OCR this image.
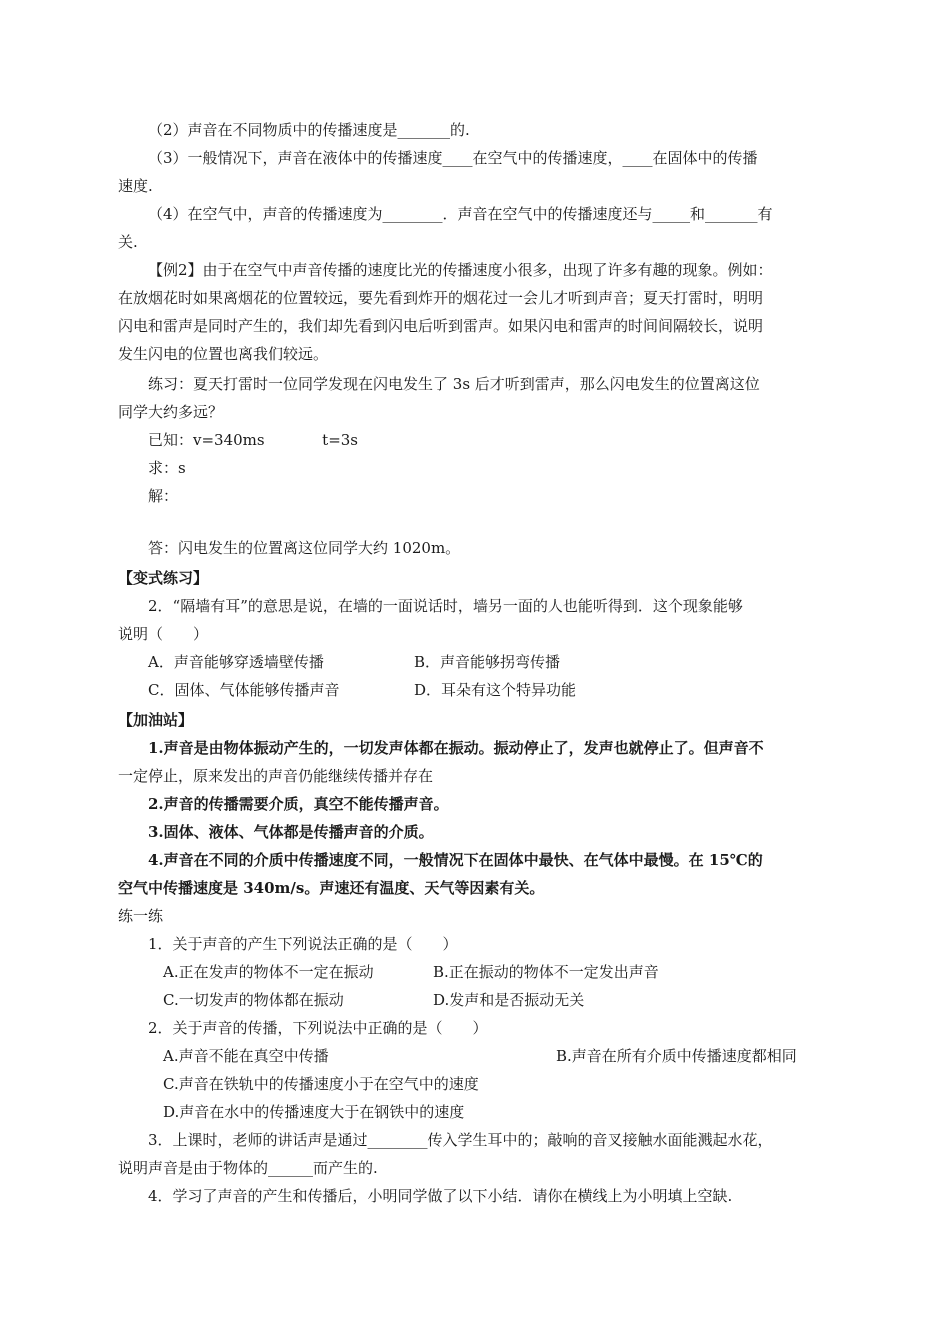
（2）声音在不同物质中的传播速度是_______的.
（3）一般情况下，声音在液体中的传播速度____在空气中的传播速度，____在固体中的传播
速度.
（4）在空气中，声音的传播速度为________．声音在空气中的传播速度还与_____和_______有
关.
【例2】由于在空气中声音传播的速度比光的传播速度小很多，出现了许多有趣的现象。例如：
在放烟花时如果离烟花的位置较远，要先看到炸开的烟花过一会儿才听到声音；夏天打雷时，明明
闪电和雷声是同时产生的，我们却先看到闪电后听到雷声。如果闪电和雷声的时间间隔较长，说明
发生闪电的位置也离我们较远。
练习：夏天打雷时一位同学发现在闪电发生了 3s 后才听到雷声，那么闪电发生的位置离这位
同学大约多远？
已知：v=340ms	t=3s
求：s
解：
答：闪电发生的位置离这位同学大约 1020m。
【变式练习】
2．“隔墙有耳”的意思是说，在墙的一面说话时，墙另一面的人也能听得到．这个现象能够
说明（　　）
A．声音能够穿透墙壁传播	B．声音能够拐弯传播
C．固体、气体能够传播声音	D．耳朵有这个特异功能
【加油站】
1.声音是由物体振动产生的，一切发声体都在振动。振动停止了，发声也就停止了。但声音不
一定停止，原来发出的声音仍能继续传播并存在
2.声音的传播需要介质，真空不能传播声音。
3.固体、液体、气体都是传播声音的介质。
4.声音在不同的介质中传播速度不同，一般情况下在固体中最快、在气体中最慢。在 15℃的
空气中传播速度是 340m/s。声速还有温度、天气等因素有关。
练一练
1．关于声音的产生下列说法正确的是（　　）
A.正在发声的物体不一定在振动	B.正在振动的物体不一定发出声音
C.一切发声的物体都在振动	D.发声和是否振动无关
2．关于声音的传播，下列说法中正确的是（　　）
A.声音不能在真空中传播	B.声音在所有介质中传播速度都相同
C.声音在铁轨中的传播速度小于在空气中的速度
D.声音在水中的传播速度大于在钢铁中的速度
3．上课时，老师的讲话声是通过________传入学生耳中的；敲响的音叉接触水面能溅起水花，
说明声音是由于物体的______而产生的.
4．学习了声音的产生和传播后，小明同学做了以下小结．请你在横线上为小明填上空缺.
